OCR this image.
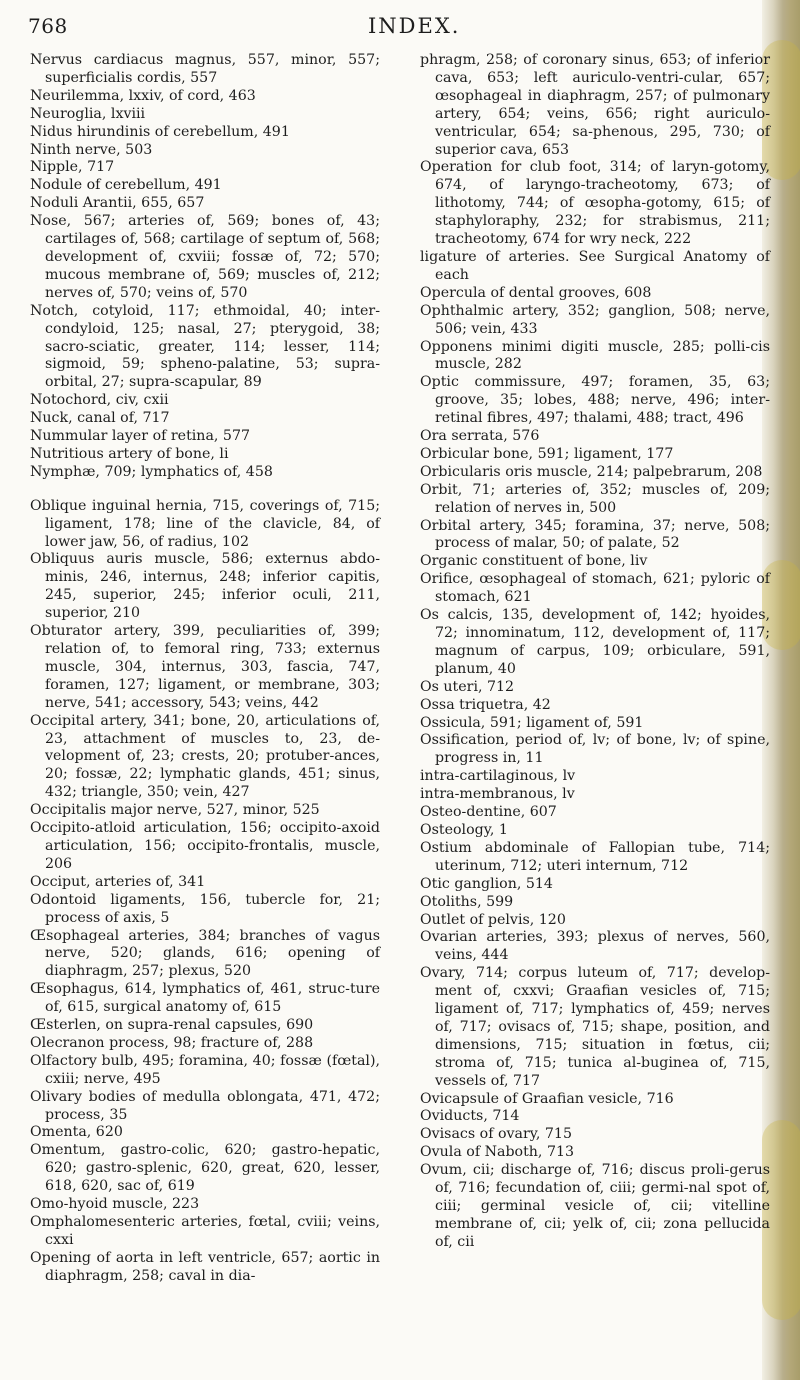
768	INDEX.

Nervus cardiacus magnus, 557, minor, 557; superficialis cordis, 557

Neurilemma, lxxiv, of cord, 463

Neuroglia, lxviii

Nidus hirundinis of cerebellum, 491

Ninth nerve, 503

Nipple, 717

Nodule of cerebellum, 491

Noduli Arantii, 655, 657

Nose, 567; arteries of, 569; bones of, 43; cartilages of, 568; cartilage of septum of, 568; development of, cxviii; fossæ of, 72; 570; mucous membrane of, 569; muscles of, 212; nerves of, 570; veins of, 570

Notch, cotyloid, 117; ethmoidal, 40; inter-condyloid, 125; nasal, 27; pterygoid, 38; sacro-sciatic, greater, 114; lesser, 114; sigmoid, 59; spheno-palatine, 53; supra-orbital, 27; supra-scapular, 89

Notochord, civ, cxii

Nuck, canal of, 717

Nummular layer of retina, 577

Nutritious artery of bone, li

Nymphæ, 709; lymphatics of, 458

Oblique inguinal hernia, 715, coverings of, 715; ligament, 178; line of the clavicle, 84, of lower jaw, 56, of radius, 102

Obliquus auris muscle, 586; externus abdo-minis, 246, internus, 248; inferior capitis, 245, superior, 245; inferior oculi, 211, superior, 210

Obturator artery, 399, peculiarities of, 399; relation of, to femoral ring, 733; externus muscle, 304, internus, 303, fascia, 747, foramen, 127; ligament, or membrane, 303; nerve, 541; accessory, 543; veins, 442

Occipital artery, 341; bone, 20, articulations of, 23, attachment of muscles to, 23, de-velopment of, 23; crests, 20; protuber-ances, 20; fossæ, 22; lymphatic glands, 451; sinus, 432; triangle, 350; vein, 427

Occipitalis major nerve, 527, minor, 525

Occipito-atloid articulation, 156; occipito-axoid articulation, 156; occipito-frontalis, muscle, 206

Occiput, arteries of, 341

Odontoid ligaments, 156, tubercle for, 21; process of axis, 5

Œsophageal arteries, 384; branches of vagus nerve, 520; glands, 616; opening of diaphragm, 257; plexus, 520

Œsophagus, 614, lymphatics of, 461, struc-ture of, 615, surgical anatomy of, 615

Œsterlen, on supra-renal capsules, 690

Olecranon process, 98; fracture of, 288

Olfactory bulb, 495; foramina, 40; fossæ (fœtal), cxiii; nerve, 495

Olivary bodies of medulla oblongata, 471, 472; process, 35

Omenta, 620

Omentum, gastro-colic, 620; gastro-hepatic, 620; gastro-splenic, 620, great, 620, lesser, 618, 620, sac of, 619

Omo-hyoid muscle, 223

Omphalomesenteric arteries, fœtal, cviii; veins, cxxi

Opening of aorta in left ventricle, 657; aortic in diaphragm, 258; caval in dia-

phragm, 258; of coronary sinus, 653; of inferior cava, 653; left auriculo-ventri-cular, 657; œsophageal in diaphragm, 257; of pulmonary artery, 654; veins, 656; right auriculo-ventricular, 654; sa-phenous, 295, 730; of superior cava, 653

Operation for club foot, 314; of laryn-gotomy, 674, of laryngo-tracheotomy, 673; of lithotomy, 744; of œsopha-gotomy, 615; of staphyloraphy, 232; for strabismus, 211; tracheotomy, 674 for wry neck, 222

ligature of arteries. See Surgical Anatomy of each

Opercula of dental grooves, 608

Ophthalmic artery, 352; ganglion, 508; nerve, 506; vein, 433

Opponens minimi digiti muscle, 285; polli-cis muscle, 282

Optic commissure, 497; foramen, 35, 63; groove, 35; lobes, 488; nerve, 496; inter-retinal fibres, 497; thalami, 488; tract, 496

Ora serrata, 576

Orbicular bone, 591; ligament, 177

Orbicularis oris muscle, 214; palpebrarum, 208

Orbit, 71; arteries of, 352; muscles of, 209; relation of nerves in, 500

Orbital artery, 345; foramina, 37; nerve, 508; process of malar, 50; of palate, 52

Organic constituent of bone, liv

Orifice, œsophageal of stomach, 621; pyloric of stomach, 621

Os calcis, 135, development of, 142; hyoides, 72; innominatum, 112, development of, 117; magnum of carpus, 109; orbiculare, 591, planum, 40

Os uteri, 712

Ossa triquetra, 42

Ossicula, 591; ligament of, 591

Ossification, period of, lv; of bone, lv; of spine, progress in, 11

intra-cartilaginous, lv

intra-membranous, lv

Osteo-dentine, 607

Osteology, 1

Ostium abdominale of Fallopian tube, 714; uterinum, 712; uteri internum, 712

Otic ganglion, 514

Otoliths, 599

Outlet of pelvis, 120

Ovarian arteries, 393; plexus of nerves, 560, veins, 444

Ovary, 714; corpus luteum of, 717; develop-ment of, cxxvi; Graafian vesicles of, 715; ligament of, 717; lymphatics of, 459; nerves of, 717; ovisacs of, 715; shape, position, and dimensions, 715; situation in fœtus, cii; stroma of, 715; tunica al-buginea of, 715, vessels of, 717

Ovicapsule of Graafian vesicle, 716

Oviducts, 714

Ovisacs of ovary, 715

Ovula of Naboth, 713

Ovum, cii; discharge of, 716; discus proli-gerus of, 716; fecundation of, ciii; germi-nal spot of, ciii; germinal vesicle of, cii; vitelline membrane of, cii; yelk of, cii; zona pellucida of, cii
